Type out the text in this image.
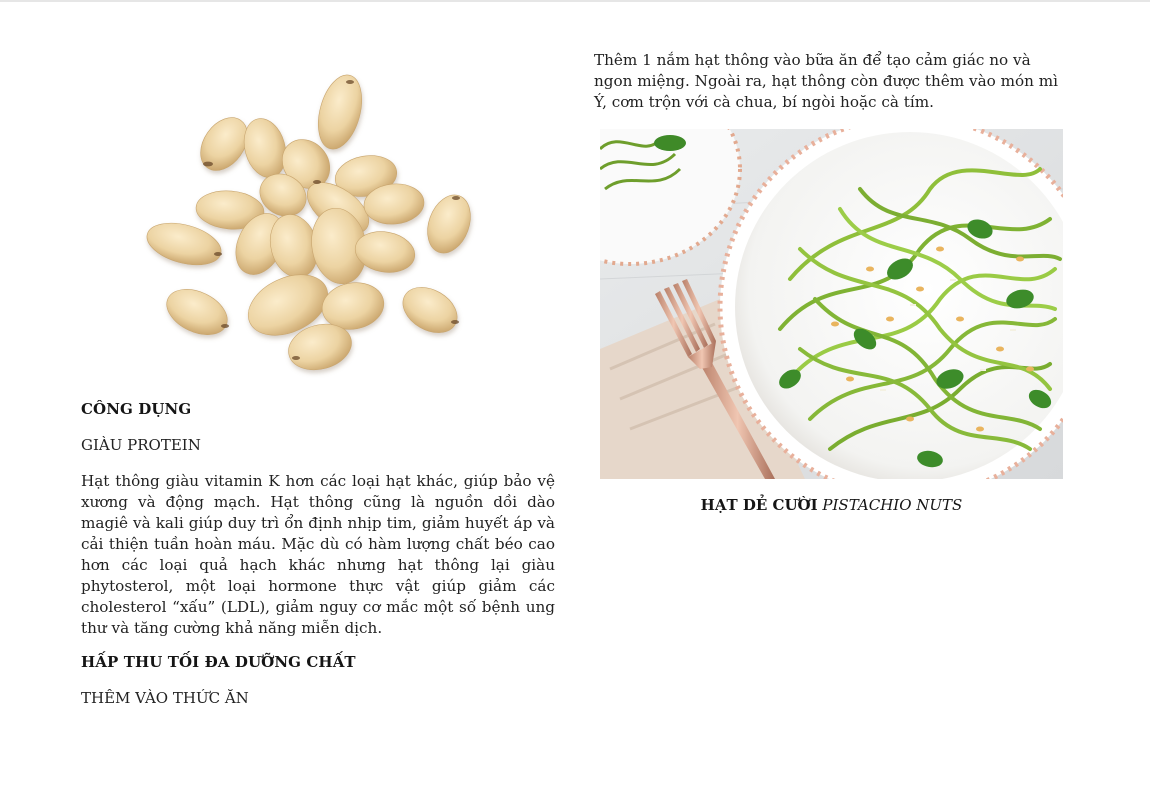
CÔNG DỤNG

GIÀU PROTEIN

Hạt thông giàu vitamin K hơn các loại hạt khác, giúp bảo vệ xương và động mạch. Hạt thông cũng là nguồn dồi dào magiê và kali giúp duy trì ổn định nhịp tim, giảm huyết áp và cải thiện tuần hoàn máu. Mặc dù có hàm lượng chất béo cao hơn các loại quả hạch khác nhưng hạt thông lại giàu phytosterol, một loại hormone thực vật giúp giảm các cholesterol “xấu” (LDL), giảm nguy cơ mắc một số bệnh ung thư và tăng cường khả năng miễn dịch.

HẤP THU TỐI ĐA DƯỠNG CHẤT

THÊM VÀO THỨC ĂN

Thêm 1 nắm hạt thông vào bữa ăn để tạo cảm giác no và ngon miệng. Ngoài ra, hạt thông còn được thêm vào món mì Ý, cơm trộn với cà chua, bí ngòi hoặc cà tím.

HẠT DẺ CƯỜI PISTACHIO NUTS
